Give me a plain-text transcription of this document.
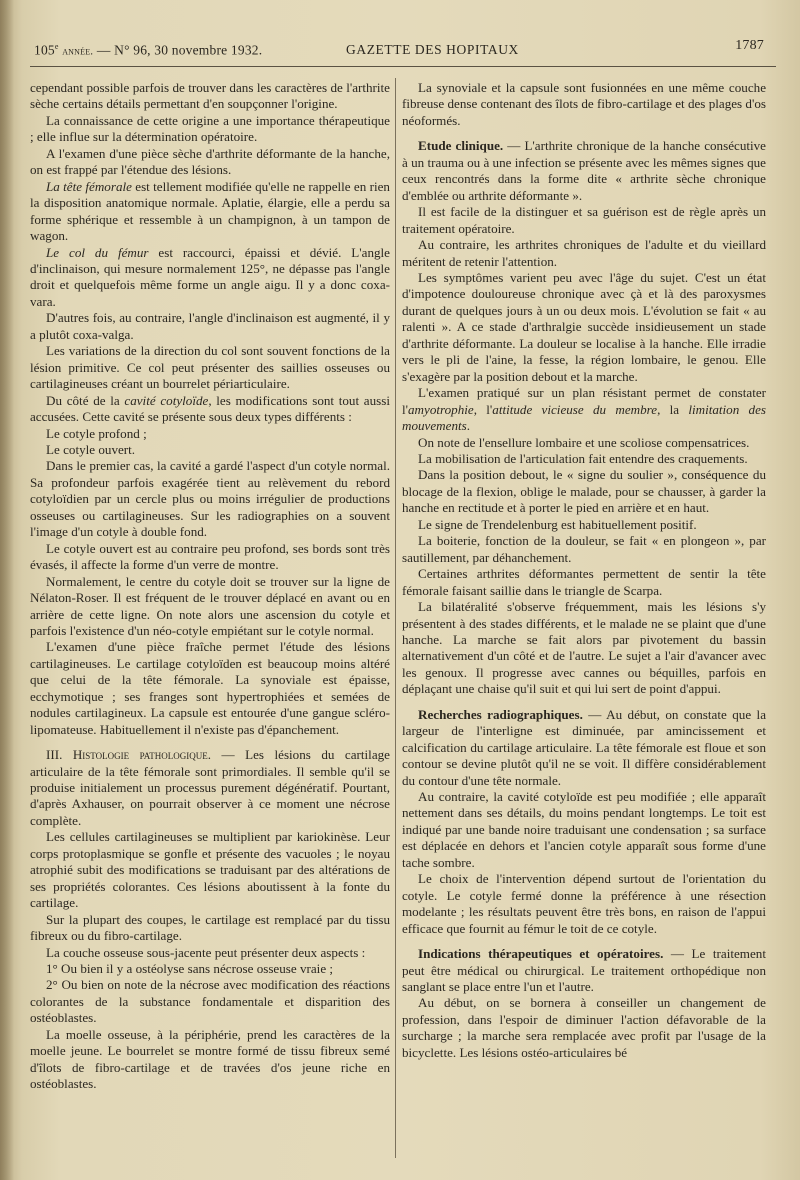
105e année. — N° 96, 30 novembre 1932.	GAZETTE DES HOPITAUX	1787

cependant possible parfois de trouver dans les caractères de l'arthrite sèche certains détails permettant d'en soupçonner l'origine.

La connaissance de cette origine a une importance thérapeutique ; elle influe sur la détermination opératoire.

A l'examen d'une pièce sèche d'arthrite déformante de la hanche, on est frappé par l'étendue des lésions.

La tête fémorale est tellement modifiée qu'elle ne rappelle en rien la disposition anatomique normale. Aplatie, élargie, elle a perdu sa forme sphérique et ressemble à un champignon, à un tampon de wagon.

Le col du fémur est raccourci, épaissi et dévié. L'angle d'inclinaison, qui mesure normalement 125°, ne dépasse pas l'angle droit et quelquefois même forme un angle aigu. Il y a donc coxa-vara.

D'autres fois, au contraire, l'angle d'inclinaison est augmenté, il y a plutôt coxa-valga.

Les variations de la direction du col sont souvent fonctions de la lésion primitive. Ce col peut présenter des saillies osseuses ou cartilagineuses créant un bourrelet périarticulaire.

Du côté de la cavité cotyloïde, les modifications sont tout aussi accusées. Cette cavité se présente sous deux types différents :

Le cotyle profond ;

Le cotyle ouvert.

Dans le premier cas, la cavité a gardé l'aspect d'un cotyle normal. Sa profondeur parfois exagérée tient au relèvement du rebord cotyloïdien par un cercle plus ou moins irrégulier de productions osseuses ou cartilagineuses. Sur les radiographies on a souvent l'image d'un cotyle à double fond.

Le cotyle ouvert est au contraire peu profond, ses bords sont très évasés, il affecte la forme d'un verre de montre.

Normalement, le centre du cotyle doit se trouver sur la ligne de Nélaton-Roser. Il est fréquent de le trouver déplacé en avant ou en arrière de cette ligne. On note alors une ascension du cotyle et parfois l'existence d'un néo-cotyle empiétant sur le cotyle normal.

L'examen d'une pièce fraîche permet l'étude des lésions cartilagineuses. Le cartilage cotyloïden est beaucoup moins altéré que celui de la tête fémorale. La synoviale est épaisse, ecchymotique ; ses franges sont hypertrophiées et semées de nodules cartilagineux. La capsule est entourée d'une gangue scléro-lipomateuse. Habituellement il n'existe pas d'épanchement.

III. Histologie pathologique. — Les lésions du cartilage articulaire de la tête fémorale sont primordiales. Il semble qu'il se produise initialement un processus purement dégénératif. Pourtant, d'après Axhauser, on pourrait observer à ce moment une nécrose complète.

Les cellules cartilagineuses se multiplient par kariokinèse. Leur corps protoplasmique se gonfle et présente des vacuoles ; le noyau atrophié subit des modifications se traduisant par des altérations de ses propriétés colorantes. Ces lésions aboutissent à la fonte du cartilage.

Sur la plupart des coupes, le cartilage est remplacé par du tissu fibreux ou du fibro-cartilage.

La couche osseuse sous-jacente peut présenter deux aspects :

1° Ou bien il y a ostéolyse sans nécrose osseuse vraie ;

2° Ou bien on note de la nécrose avec modification des réactions colorantes de la substance fondamentale et disparition des ostéoblastes.

La moelle osseuse, à la périphérie, prend les caractères de la moelle jeune. Le bourrelet se montre formé de tissu fibreux semé d'îlots de fibro-cartilage et de travées d'os jeune riche en ostéoblastes.

La synoviale et la capsule sont fusionnées en une même couche fibreuse dense contenant des îlots de fibro-cartilage et des plages d'os néoformés.

Etude clinique. — L'arthrite chronique de la hanche consécutive à un trauma ou à une infection se présente avec les mêmes signes que ceux rencontrés dans la forme dite « arthrite sèche chronique d'emblée ou arthrite déformante ».

Il est facile de la distinguer et sa guérison est de règle après un traitement opératoire.

Au contraire, les arthrites chroniques de l'adulte et du vieillard méritent de retenir l'attention.

Les symptômes varient peu avec l'âge du sujet. C'est un état d'impotence douloureuse chronique avec çà et là des paroxysmes durant de quelques jours à un ou deux mois. L'évolution se fait « au ralenti ». A ce stade d'arthralgie succède insidieusement un stade d'arthrite déformante. La douleur se localise à la hanche. Elle irradie vers le pli de l'aine, la fesse, la région lombaire, le genou. Elle s'exagère par la position debout et la marche.

L'examen pratiqué sur un plan résistant permet de constater l'amyotrophie, l'attitude vicieuse du membre, la limitation des mouvements.

On note de l'ensellure lombaire et une scoliose compensatrices.

La mobilisation de l'articulation fait entendre des craquements.

Dans la position debout, le « signe du soulier », conséquence du blocage de la flexion, oblige le malade, pour se chausser, à garder la hanche en rectitude et à porter le pied en arrière et en haut.

Le signe de Trendelenburg est habituellement positif.

La boiterie, fonction de la douleur, se fait « en plongeon », par sautillement, par déhanchement.

Certaines arthrites déformantes permettent de sentir la tête fémorale faisant saillie dans le triangle de Scarpa.

La bilatéralité s'observe fréquemment, mais les lésions s'y présentent à des stades différents, et le malade ne se plaint que d'une hanche. La marche se fait alors par pivotement du bassin alternativement d'un côté et de l'autre. Le sujet a l'air d'avancer avec les genoux. Il progresse avec cannes ou béquilles, parfois en déplaçant une chaise qu'il suit et qui lui sert de point d'appui.

Recherches radiographiques. — Au début, on constate que la largeur de l'interligne est diminuée, par amincissement et calcification du cartilage articulaire. La tête fémorale est floue et son contour se devine plutôt qu'il ne se voit. Il diffère considérablement du contour d'une tête normale.

Au contraire, la cavité cotyloïde est peu modifiée ; elle apparaît nettement dans ses détails, du moins pendant longtemps. Le toit est indiqué par une bande noire traduisant une condensation ; sa surface est déplacée en dehors et l'ancien cotyle apparaît sous forme d'une tache sombre.

Le choix de l'intervention dépend surtout de l'orientation du cotyle. Le cotyle fermé donne la préférence à une résection modelante ; les résultats peuvent être très bons, en raison de l'appui efficace que fournit au fémur le toit de ce cotyle.

Indications thérapeutiques et opératoires. — Le traitement peut être médical ou chirurgical. Le traitement orthopédique non sanglant se place entre l'un et l'autre.

Au début, on se bornera à conseiller un changement de profession, dans l'espoir de diminuer l'action défavorable de la surcharge ; la marche sera remplacée avec profit par l'usage de la bicyclette. Les lésions ostéo-articulaires bé
